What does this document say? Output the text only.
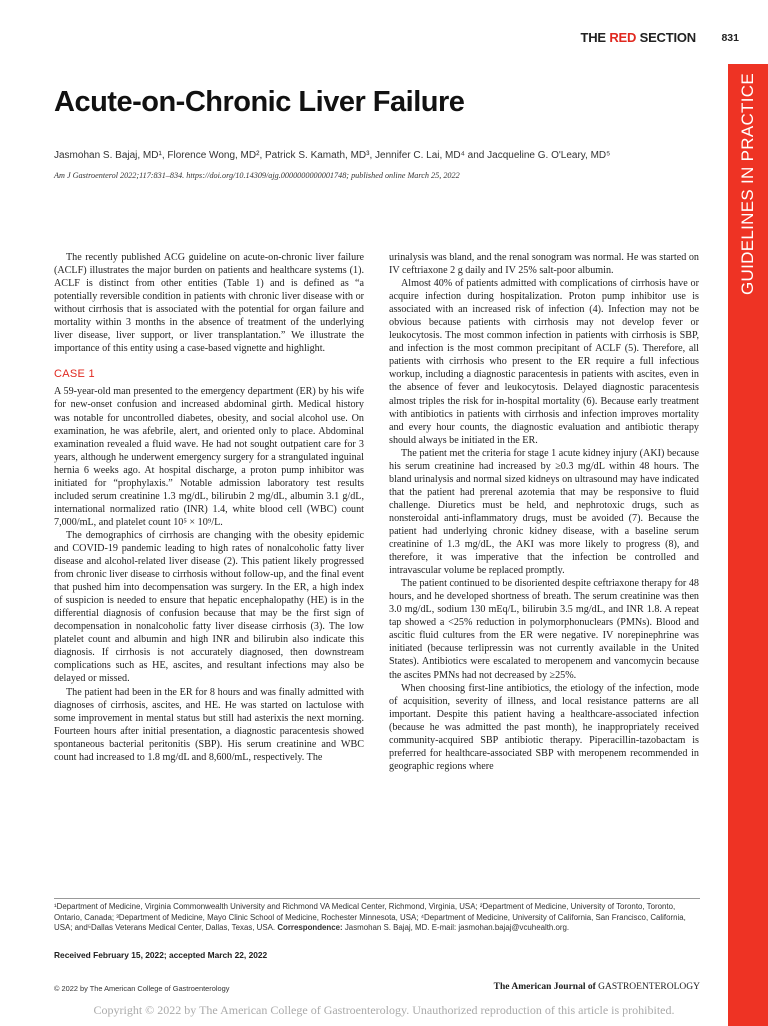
THE RED SECTION 831
GUIDELINES IN PRACTICE
Acute-on-Chronic Liver Failure
Jasmohan S. Bajaj, MD¹, Florence Wong, MD², Patrick S. Kamath, MD³, Jennifer C. Lai, MD⁴ and Jacqueline G. O'Leary, MD⁵
Am J Gastroenterol 2022;117:831–834. https://doi.org/10.14309/ajg.0000000000001748; published online March 25, 2022

The recently published ACG guideline on acute-on-chronic liver failure (ACLF) illustrates the major burden on patients and healthcare systems (1). ACLF is distinct from other entities (Table 1) and is defined as “a potentially reversible condition in patients with chronic liver disease with or without cirrhosis that is associated with the potential for organ failure and mortality within 3 months in the absence of treatment of the underlying liver disease, liver support, or liver transplantation.” We illustrate the importance of this entity using a case-based vignette and highlight.

CASE 1

A 59-year-old man presented to the emergency department (ER) by his wife for new-onset confusion and increased abdominal girth. Medical history was notable for uncontrolled diabetes, obesity, and social alcohol use. On examination, he was afebrile, alert, and oriented only to place. Abdominal examination revealed a fluid wave. He had not sought outpatient care for 3 years, although he underwent emergency surgery for a strangulated inguinal hernia 6 weeks ago. At hospital discharge, a proton pump inhibitor was initiated for “prophylaxis.” Notable admission laboratory test results included serum creatinine 1.3 mg/dL, bilirubin 2 mg/dL, albumin 3.1 g/dL, international normalized ratio (INR) 1.4, white blood cell (WBC) count 7,000/mL, and platelet count 10⁵ × 10⁹/L.

The demographics of cirrhosis are changing with the obesity epidemic and COVID-19 pandemic leading to high rates of nonalcoholic fatty liver disease and alcohol-related liver disease (2). This patient likely progressed from chronic liver disease to cirrhosis without follow-up, and the final event that pushed him into decompensation was surgery. In the ER, a high index of suspicion is needed to ensure that hepatic encephalopathy (HE) is in the differential diagnosis of confusion because that may be the first sign of decompensation in nonalcoholic fatty liver disease cirrhosis (3). The low platelet count and albumin and high INR and bilirubin also indicate this diagnosis. If cirrhosis is not accurately diagnosed, then downstream complications such as HE, ascites, and resultant infections may also be delayed or missed.

The patient had been in the ER for 8 hours and was finally admitted with diagnoses of cirrhosis, ascites, and HE. He was started on lactulose with some improvement in mental status but still had asterixis the next morning. Fourteen hours after initial presentation, a diagnostic paracentesis showed spontaneous bacterial peritonitis (SBP). His serum creatinine and WBC count had increased to 1.8 mg/dL and 8,600/mL, respectively. The

urinalysis was bland, and the renal sonogram was normal. He was started on IV ceftriaxone 2 g daily and IV 25% salt-poor albumin.

Almost 40% of patients admitted with complications of cirrhosis have or acquire infection during hospitalization. Proton pump inhibitor use is associated with an increased risk of infection (4). Infection may not be obvious because patients with cirrhosis may not develop fever or leukocytosis. The most common infection in patients with cirrhosis is SBP, and infection is the most common precipitant of ACLF (5). Therefore, all patients with cirrhosis who present to the ER require a full infectious workup, including a diagnostic paracentesis in patients with ascites, even in the absence of fever and leukocytosis. Delayed diagnostic paracentesis almost triples the risk for in-hospital mortality (6). Because early treatment with antibiotics in patients with cirrhosis and infection improves mortality and every hour counts, the diagnostic evaluation and antibiotic therapy should always be initiated in the ER.

The patient met the criteria for stage 1 acute kidney injury (AKI) because his serum creatinine had increased by ≥0.3 mg/dL within 48 hours. The bland urinalysis and normal sized kidneys on ultrasound may have indicated that the patient had prerenal azotemia that may be responsive to fluid challenge. Diuretics must be held, and nephrotoxic drugs, such as nonsteroidal anti-inflammatory drugs, must be avoided (7). Because the patient had underlying chronic kidney disease, with a baseline serum creatinine of 1.3 mg/dL, the AKI was more likely to progress (8), and therefore, it was imperative that the infection be controlled and intravascular volume be replaced promptly.

The patient continued to be disoriented despite ceftriaxone therapy for 48 hours, and he developed shortness of breath. The serum creatinine was then 3.0 mg/dL, sodium 130 mEq/L, bilirubin 3.5 mg/dL, and INR 1.8. A repeat tap showed a <25% reduction in polymorphonuclears (PMNs). Blood and ascitic fluid cultures from the ER were negative. IV norepinephrine was initiated (because terlipressin was not currently available in the United States). Antibiotics were escalated to meropenem and vancomycin because the ascites PMNs had not decreased by ≥25%.

When choosing first-line antibiotics, the etiology of the infection, mode of acquisition, severity of illness, and local resistance patterns are all important. Despite this patient having a healthcare-associated infection (because he was admitted the past month), he inappropriately received community-acquired SBP antibiotic therapy. Piperacillin-tazobactam is preferred for healthcare-associated SBP with meropenem recommended in geographic regions where

¹Department of Medicine, Virginia Commonwealth University and Richmond VA Medical Center, Richmond, Virginia, USA; ²Department of Medicine, University of Toronto, Toronto, Ontario, Canada; ³Department of Medicine, Mayo Clinic School of Medicine, Rochester Minnesota, USA; ⁴Department of Medicine, University of California, San Francisco, California, USA; and⁵Dallas Veterans Medical Center, Dallas, Texas, USA. Correspondence: Jasmohan S. Bajaj, MD. E-mail: jasmohan.bajaj@vcuhealth.org.
Received February 15, 2022; accepted March 22, 2022
© 2022 by The American College of Gastroenterology	The American Journal of GASTROENTEROLOGY
Copyright © 2022 by The American College of Gastroenterology. Unauthorized reproduction of this article is prohibited.
